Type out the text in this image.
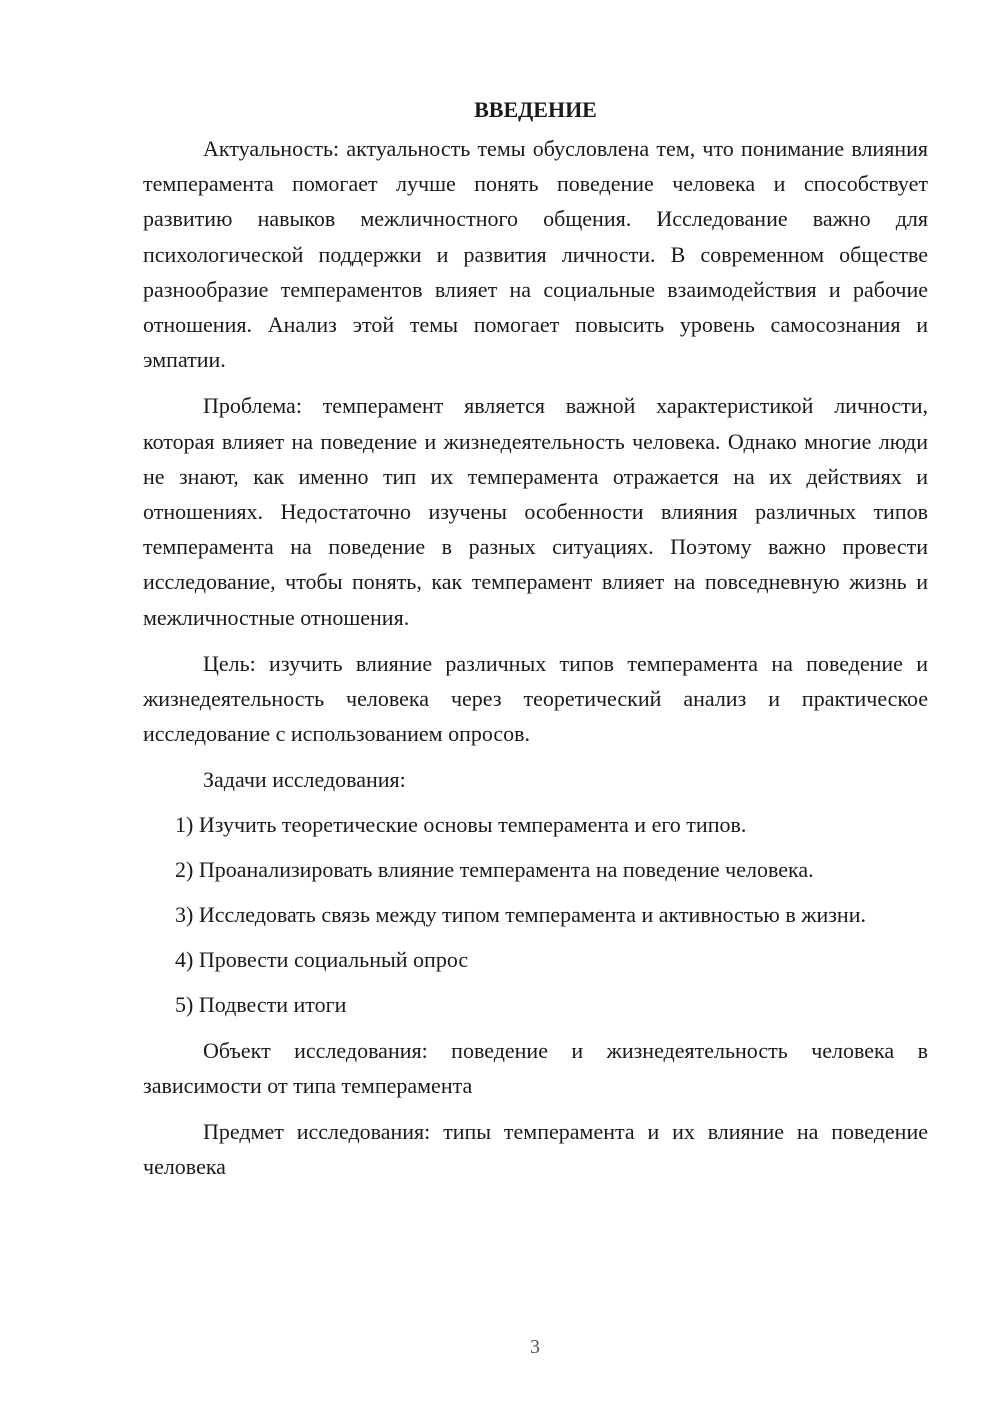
ВВЕДЕНИЕ

Актуальность: актуальность темы обусловлена тем, что понимание влияния темперамента помогает лучше понять поведение человека и способствует развитию навыков межличностного общения. Исследование важно для психологической поддержки и развития личности. В современном обществе разнообразие темпераментов влияет на социальные взаимодействия и рабочие отношения. Анализ этой темы помогает повысить уровень самосознания и эмпатии.

Проблема: темперамент является важной характеристикой личности, которая влияет на поведение и жизнедеятельность человека. Однако многие люди не знают, как именно тип их темперамента отражается на их действиях и отношениях. Недостаточно изучены особенности влияния различных типов темперамента на поведение в разных ситуациях. Поэтому важно провести исследование, чтобы понять, как темперамент влияет на повседневную жизнь и межличностные отношения.

Цель: изучить влияние различных типов темперамента на поведение и жизнедеятельность человека через теоретический анализ и практическое исследование с использованием опросов.

Задачи исследования:

1) Изучить теоретические основы темперамента и его типов.

2) Проанализировать влияние темперамента на поведение человека.

3) Исследовать связь между типом темперамента и активностью в жизни.

4) Провести социальный опрос

5) Подвести итоги

Объект исследования: поведение и жизнедеятельность человека в зависимости от типа темперамента

Предмет исследования: типы темперамента и их влияние на поведение человека

3
